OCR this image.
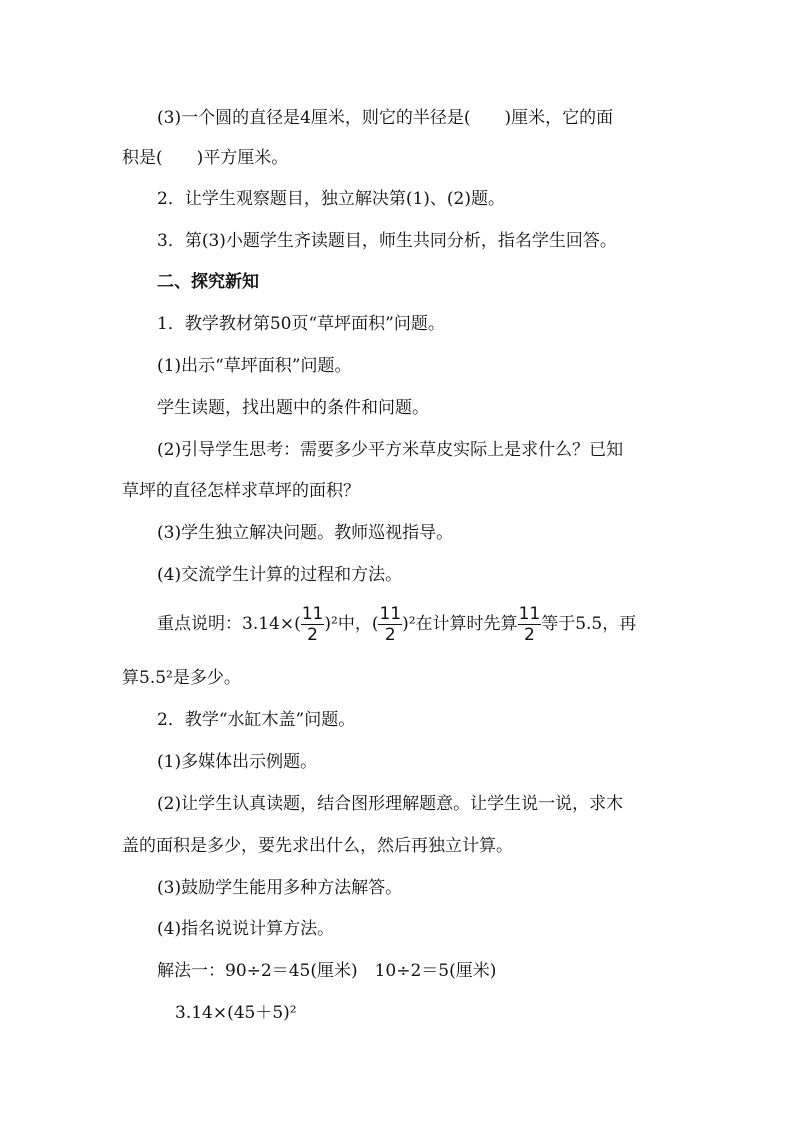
(3)一个圆的直径是4厘米，则它的半径是(　　)厘米，它的面
积是(　　)平方厘米。
2．让学生观察题目，独立解决第(1)、(2)题。
3．第(3)小题学生齐读题目，师生共同分析，指名学生回答。
二、探究新知
1．教学教材第50页“草坪面积”问题。
(1)出示“草坪面积”问题。
学生读题，找出题中的条件和问题。
(2)引导学生思考：需要多少平方米草皮实际上是求什么？已知
草坪的直径怎样求草坪的面积？
(3)学生独立解决问题。教师巡视指导。
(4)交流学生计算的过程和方法。
重点说明：$3.14\times( \frac{11}{2} )^2$中，( $\frac{11}{2} )^2$在计算时先算 $\frac{11}{2}$ 等于5.5，再
算5.5²是多少。
2．教学“水缸木盖”问题。
(1)多媒体出示例题。
(2)让学生认真读题，结合图形理解题意。让学生说一说，求木
盖的面积是多少，要先求出什么，然后再独立计算。
(3)鼓励学生能用多种方法解答。
(4)指名说说计算方法。
解法一：90÷2＝45(厘米)　10÷2＝5(厘米)
3.14×(45＋5)²
